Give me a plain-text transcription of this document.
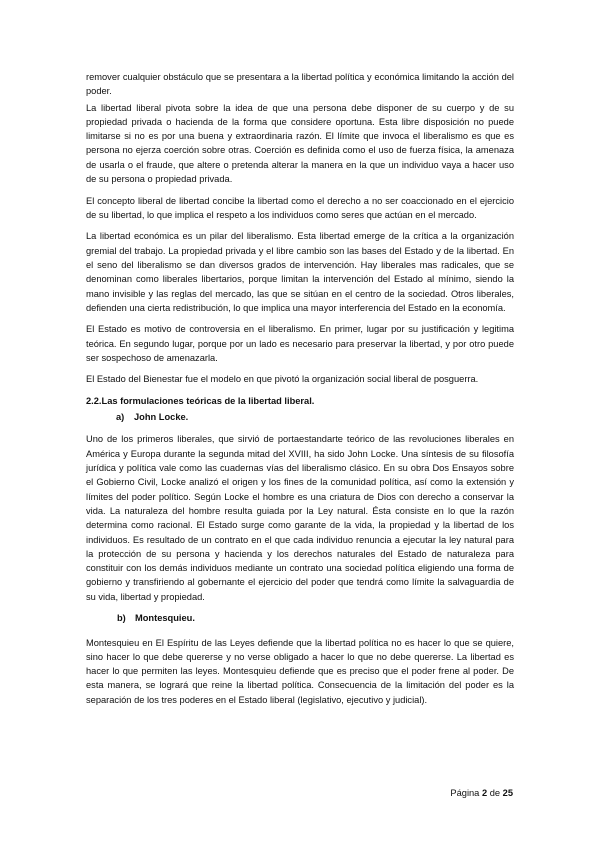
remover cualquier obstáculo que se presentara a la libertad política y económica limitando la acción del poder.

La libertad liberal pivota sobre la idea de que una persona debe disponer de su cuerpo y de su propiedad privada o hacienda de la forma que considere oportuna. Esta libre disposición no puede limitarse si no es por una buena y extraordinaria razón. El límite que invoca el liberalismo es que es persona no ejerza coerción sobre otras. Coerción es definida como el uso de fuerza física, la amenaza de usarla o el fraude, que altere o pretenda alterar la manera en la que un individuo vaya a hacer uso de su persona o propiedad privada.

El concepto liberal de libertad concibe la libertad como el derecho a no ser coaccionado en el ejercicio de su libertad, lo que implica el respeto a los individuos como seres que actúan en el mercado.

La libertad económica es un pilar del liberalismo. Esta libertad emerge de la crítica a la organización gremial del trabajo. La propiedad privada y el libre cambio son las bases del Estado y de la libertad. En el seno del liberalismo se dan diversos grados de intervención. Hay liberales mas radicales, que se denominan como liberales libertarios, porque limitan la intervención del Estado al mínimo, siendo la mano invisible y las reglas del mercado, las que se sitúan en el centro de la sociedad. Otros liberales, defienden una cierta redistribución, lo que implica una mayor interferencia del Estado en la economía.

El Estado es motivo de controversia en el liberalismo. En primer, lugar por su justificación y legitima teórica. En segundo lugar, porque por un lado es necesario para preservar la libertad, y por otro puede ser sospechoso de amenazarla.

El Estado del Bienestar fue el modelo en que pivotó la organización social liberal de posguerra.

2.2.Las formulaciones teóricas de la libertad liberal.
a) John Locke.

Uno de los primeros liberales, que sirvió de portaestandarte teórico de las revoluciones liberales en América y Europa durante la segunda mitad del XVIII, ha sido John Locke. Una síntesis de su filosofía jurídica y política vale como las cuadernas vías del liberalismo clásico. En su obra Dos Ensayos sobre el Gobierno Civil, Locke analizó el origen y los fines de la comunidad política, así como la extensión y límites del poder político. Según Locke el hombre es una criatura de Dios con derecho a conservar la vida. La naturaleza del hombre resulta guiada por la Ley natural. Ésta consiste en lo que la razón determina como racional. El Estado surge como garante de la vida, la propiedad y la libertad de los individuos. Es resultado de un contrato en el que cada individuo renuncia a ejecutar la ley natural para la protección de su persona y hacienda y los derechos naturales del Estado de naturaleza para constituir con los demás individuos mediante un contrato una sociedad política eligiendo una forma de gobierno y transfiriendo al gobernante el ejercicio del poder que tendrá como límite la salvaguardia de su vida, libertad y propiedad.

b) Montesquieu.

Montesquieu en El Espíritu de las Leyes defiende que la libertad política no es hacer lo que se quiere, sino hacer lo que debe quererse y no verse obligado a hacer lo que no debe quererse. La libertad es hacer lo que permiten las leyes. Montesquieu defiende que es preciso que el poder frene al poder. De esta manera, se logrará que reine la libertad política. Consecuencia de la limitación del poder es la separación de los tres poderes en el Estado liberal (legislativo, ejecutivo y judicial).

Página 2 de 25
